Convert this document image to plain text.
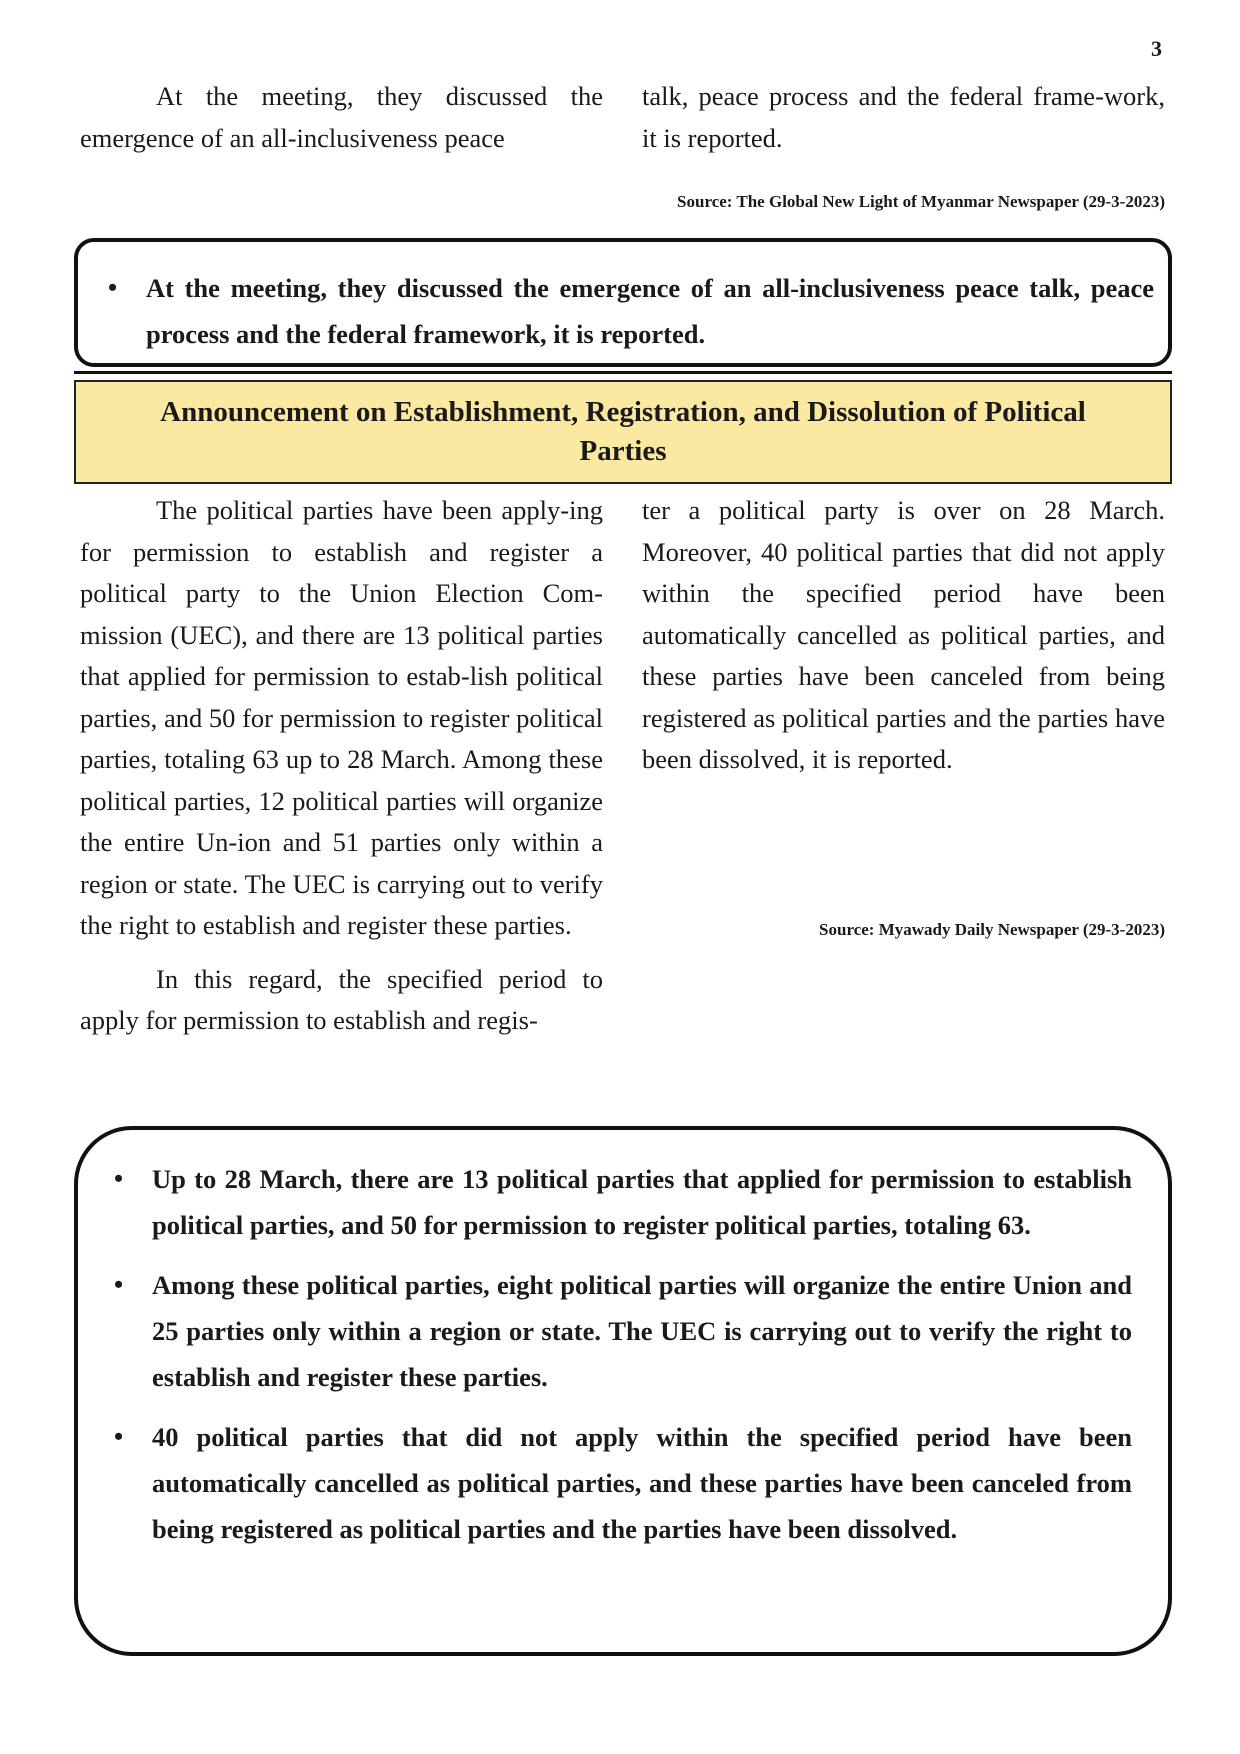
3

At the meeting, they discussed the emergence of an all-inclusiveness peace

talk, peace process and the federal frame-work, it is reported.

Source: The Global New Light of Myanmar Newspaper (29-3-2023)
• At the meeting, they discussed the emergence of an all-inclusiveness peace talk, peace process and the federal framework, it is reported.
Announcement on Establishment, Registration, and Dissolution of Political Parties

The political parties have been apply-ing for permission to establish and register a political party to the Union Election Com-mission (UEC), and there are 13 political parties that applied for permission to estab-lish political parties, and 50 for permission to register political parties, totaling 63 up to 28 March. Among these political parties, 12 political parties will organize the entire Un-ion and 51 parties only within a region or state. The UEC is carrying out to verify the right to establish and register these parties.

In this regard, the specified period to apply for permission to establish and regis-

ter a political party is over on 28 March. Moreover, 40 political parties that did not apply within the specified period have been automatically cancelled as political parties, and these parties have been canceled from being registered as political parties and the parties have been dissolved, it is reported.

Source: Myawady Daily Newspaper (29-3-2023)
• Up to 28 March, there are 13 political parties that applied for permission to establish political parties, and 50 for permission to register political parties, totaling 63.
• Among these political parties, eight political parties will organize the entire Union and 25 parties only within a region or state. The UEC is carrying out to verify the right to establish and register these parties.
• 40 political parties that did not apply within the specified period have been automatically cancelled as political parties, and these parties have been canceled from being registered as political parties and the parties have been dissolved.
